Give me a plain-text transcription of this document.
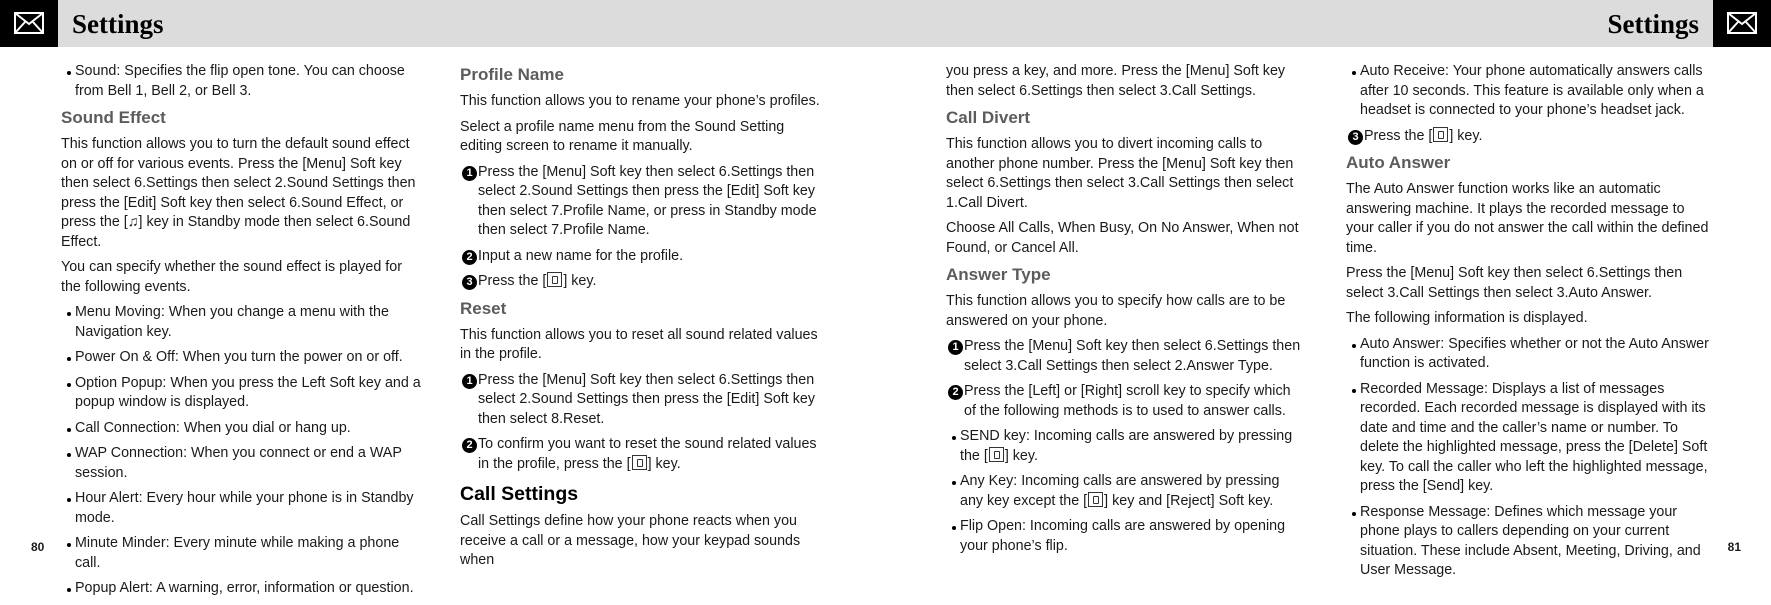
Settings	Settings
Sound: Specifies the flip open tone. You can choose from Bell 1, Bell 2, or Bell 3.
Sound Effect

This function allows you to turn the default sound effect on or off for various events. Press the [Menu] Soft key then select 6.Settings then select 2.Sound Settings then press the [Edit] Soft key then select 6.Sound Effect, or press the [♫] key in Standby mode then select 6.Sound Effect.

You can specify whether the sound effect is played for the following events.

Menu Moving: When you change a menu with the Navigation key.
Power On & Off: When you turn the power on or off.
Option Popup: When you press the Left Soft key and a popup window is displayed.
Call Connection: When you dial or hang up.
WAP Connection: When you connect or end a WAP session.
Hour Alert: Every hour while your phone is in Standby mode.
Minute Minder: Every minute while making a phone call.
Popup Alert: A warning, error, information or question.
Profile Name

This function allows you to rename your phone’s profiles.

Select a profile name menu from the Sound Setting editing screen to rename it manually.

1 Press the [Menu] Soft key then select 6.Settings then select 2.Sound Settings then press the [Edit] Soft key then select 7.Profile Name, or press in Standby mode then select 7.Profile Name.
2 Input a new name for the profile.
3 Press the [ ] key.
Reset

This function allows you to reset all sound related values in the profile.

1 Press the [Menu] Soft key then select 6.Settings then select 2.Sound Settings then press the [Edit] Soft key then select 8.Reset.
2 To confirm you want to reset the sound related values in the profile, press the [ ] key.
Call Settings

Call Settings define how your phone reacts when you receive a call or a message, how your keypad sounds when

you press a key, and more. Press the [Menu] Soft key then select 6.Settings then select 3.Call Settings.

Call Divert

This function allows you to divert incoming calls to another phone number. Press the [Menu] Soft key then select 6.Settings then select 3.Call Settings then select 1.Call Divert.

Choose All Calls, When Busy, On No Answer, When not Found, or Cancel All.

Answer Type

This function allows you to specify how calls are to be answered on your phone.

1 Press the [Menu] Soft key then select 6.Settings then select 3.Call Settings then select 2.Answer Type.
2 Press the [Left] or [Right] scroll key to specify which of the following methods is to used to answer calls.
SEND key: Incoming calls are answered by pressing the [ ] key.
Any Key: Incoming calls are answered by pressing any key except the [ ] key and [Reject] Soft key.
Flip Open: Incoming calls are answered by opening your phone’s flip.
Auto Receive: Your phone automatically answers calls after 10 seconds. This feature is available only when a headset is connected to your phone’s headset jack.
3 Press the [ ] key.
Auto Answer

The Auto Answer function works like an automatic answering machine. It plays the recorded message to your caller if you do not answer the call within the defined time.

Press the [Menu] Soft key then select 6.Settings then select 3.Call Settings then select 3.Auto Answer.

The following information is displayed.

Auto Answer: Specifies whether or not the Auto Answer function is activated.
Recorded Message: Displays a list of messages recorded. Each recorded message is displayed with its date and time and the caller’s name or number. To delete the highlighted message, press the [Delete] Soft key. To call the caller who left the highlighted message, press the [Send] key.
Response Message: Defines which message your phone plays to callers depending on your current situation. These include Absent, Meeting, Driving, and User Message.
80	81
